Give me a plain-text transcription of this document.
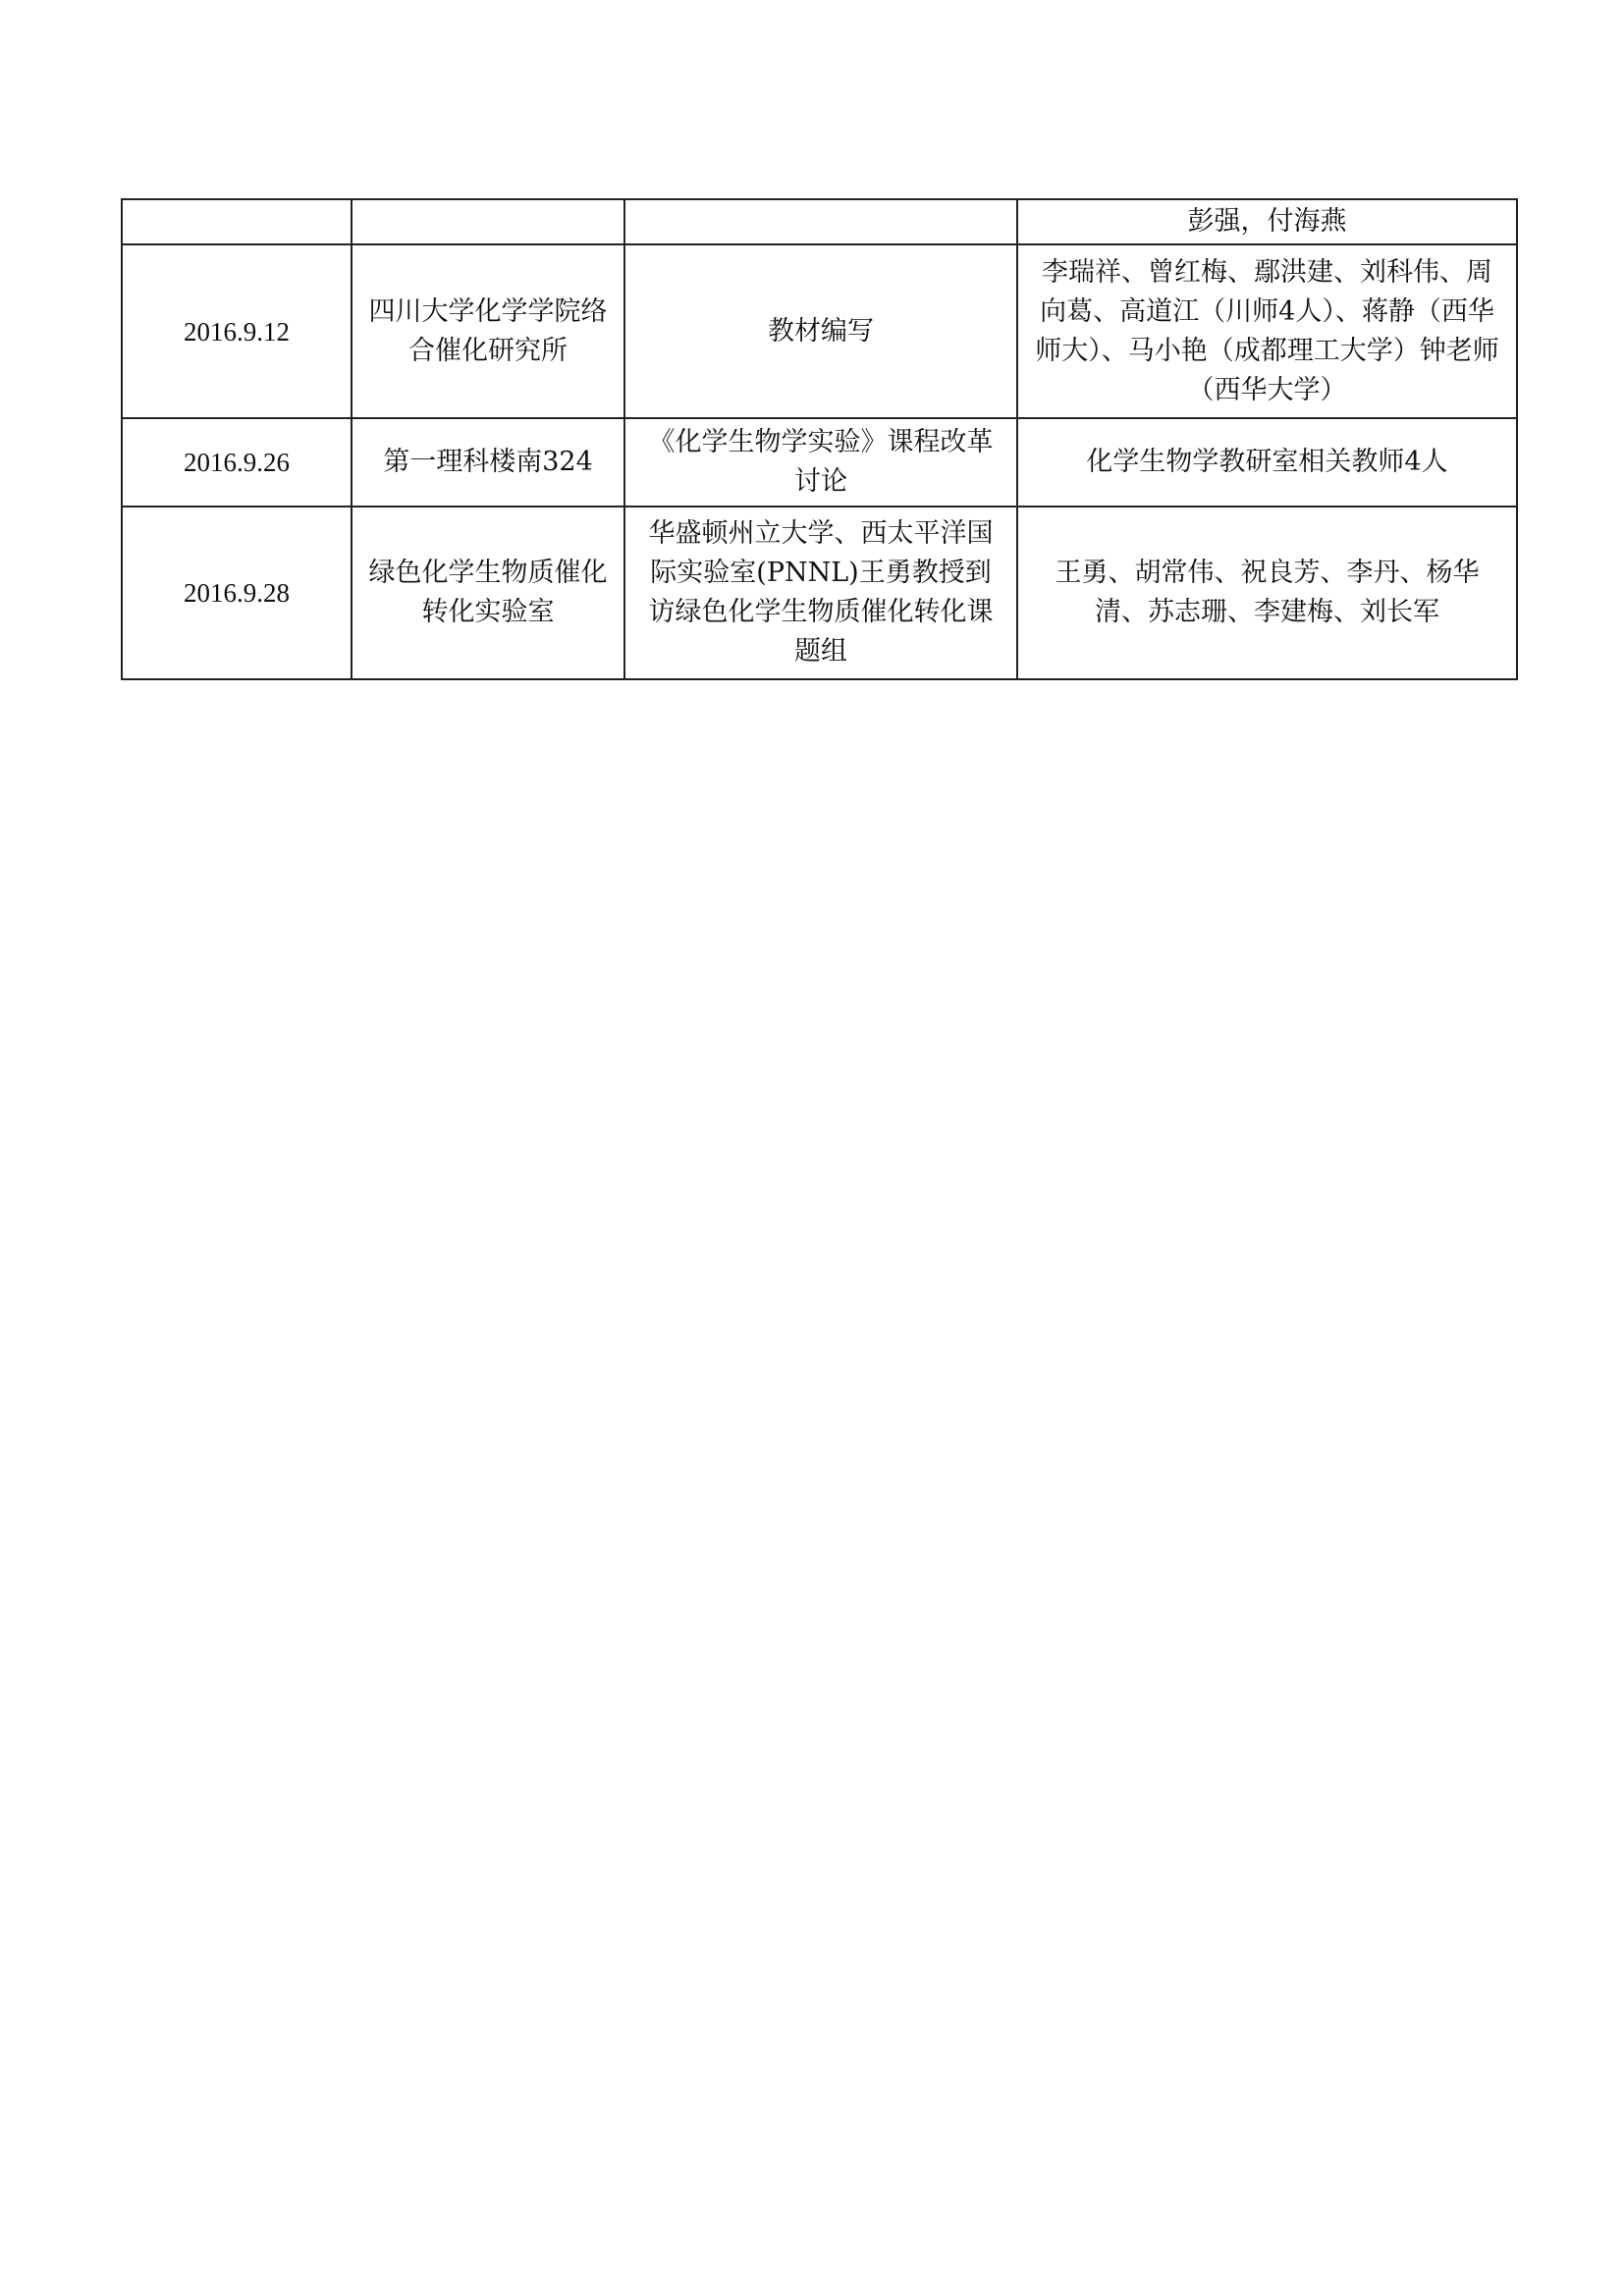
			彭强，付海燕
2016.9.12	四川大学化学学院络合催化研究所	教材编写	李瑞祥、曾红梅、鄢洪建、刘科伟、周向葛、高道江（川师4人）、蒋静（西华师大）、马小艳（成都理工大学）钟老师（西华大学）
2016.9.26	第一理科楼南324	《化学生物学实验》课程改革讨论	化学生物学教研室相关教师4人
2016.9.28	绿色化学生物质催化转化实验室	华盛顿州立大学、西太平洋国际实验室(PNNL)王勇教授到访绿色化学生物质催化转化课题组	王勇、胡常伟、祝良芳、李丹、杨华清、苏志珊、李建梅、刘长军
